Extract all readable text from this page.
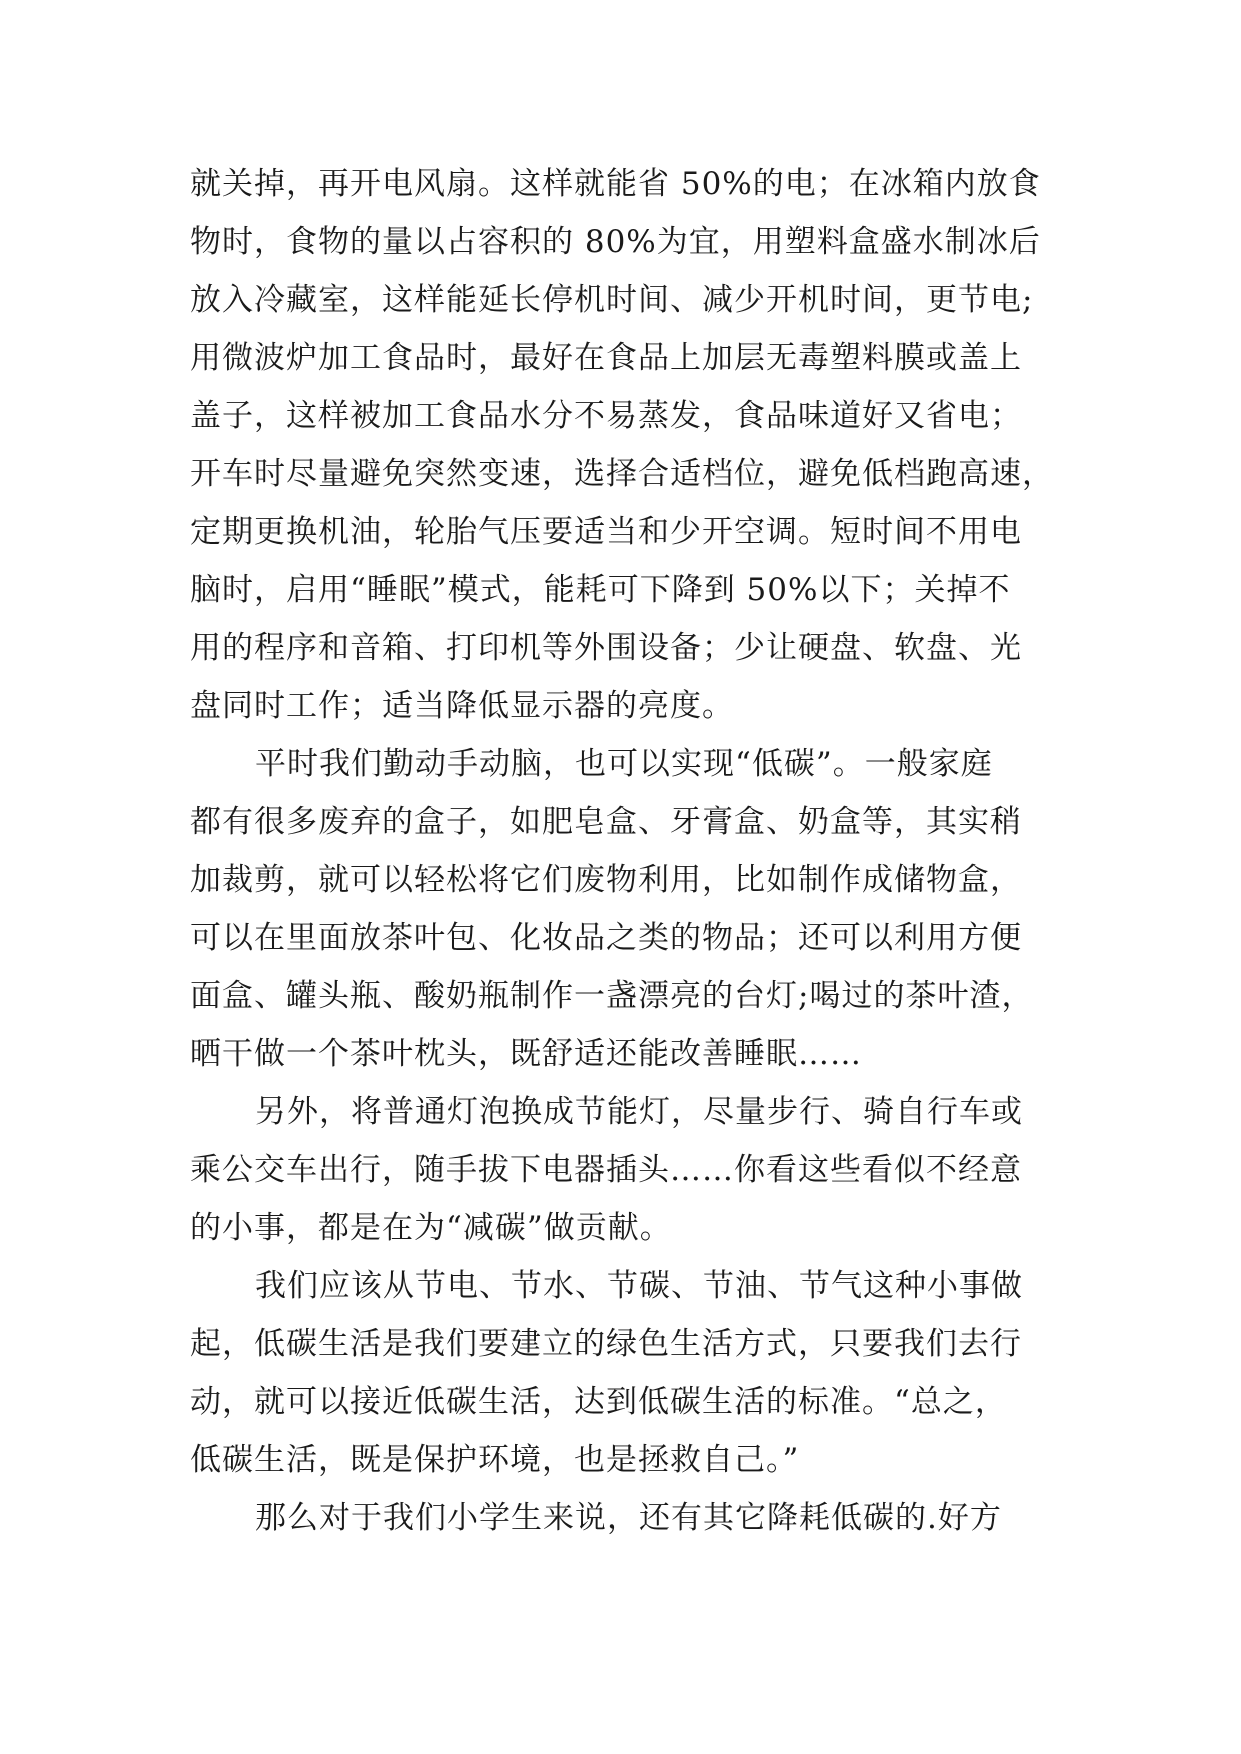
就关掉，再开电风扇。这样就能省 50%的电；在冰箱内放食
物时，食物的量以占容积的 80%为宜，用塑料盒盛水制冰后
放入冷藏室，这样能延长停机时间、减少开机时间，更节电;
用微波炉加工食品时，最好在食品上加层无毒塑料膜或盖上
盖子，这样被加工食品水分不易蒸发，食品味道好又省电；
开车时尽量避免突然变速，选择合适档位，避免低档跑高速，
定期更换机油，轮胎气压要适当和少开空调。短时间不用电
脑时，启用“睡眠”模式，能耗可下降到 50%以下；关掉不
用的程序和音箱、打印机等外围设备；少让硬盘、软盘、光
盘同时工作；适当降低显示器的亮度。
平时我们勤动手动脑，也可以实现“低碳”。一般家庭
都有很多废弃的盒子，如肥皂盒、牙膏盒、奶盒等，其实稍
加裁剪，就可以轻松将它们废物利用，比如制作成储物盒，
可以在里面放茶叶包、化妆品之类的物品；还可以利用方便
面盒、罐头瓶、酸奶瓶制作一盏漂亮的台灯;喝过的茶叶渣，
晒干做一个茶叶枕头，既舒适还能改善睡眠……
另外，将普通灯泡换成节能灯，尽量步行、骑自行车或
乘公交车出行，随手拔下电器插头……你看这些看似不经意
的小事，都是在为“减碳”做贡献。
我们应该从节电、节水、节碳、节油、节气这种小事做
起，低碳生活是我们要建立的绿色生活方式，只要我们去行
动，就可以接近低碳生活，达到低碳生活的标准。“总之，
低碳生活，既是保护环境，也是拯救自己。”
那么对于我们小学生来说，还有其它降耗低碳的.好方
